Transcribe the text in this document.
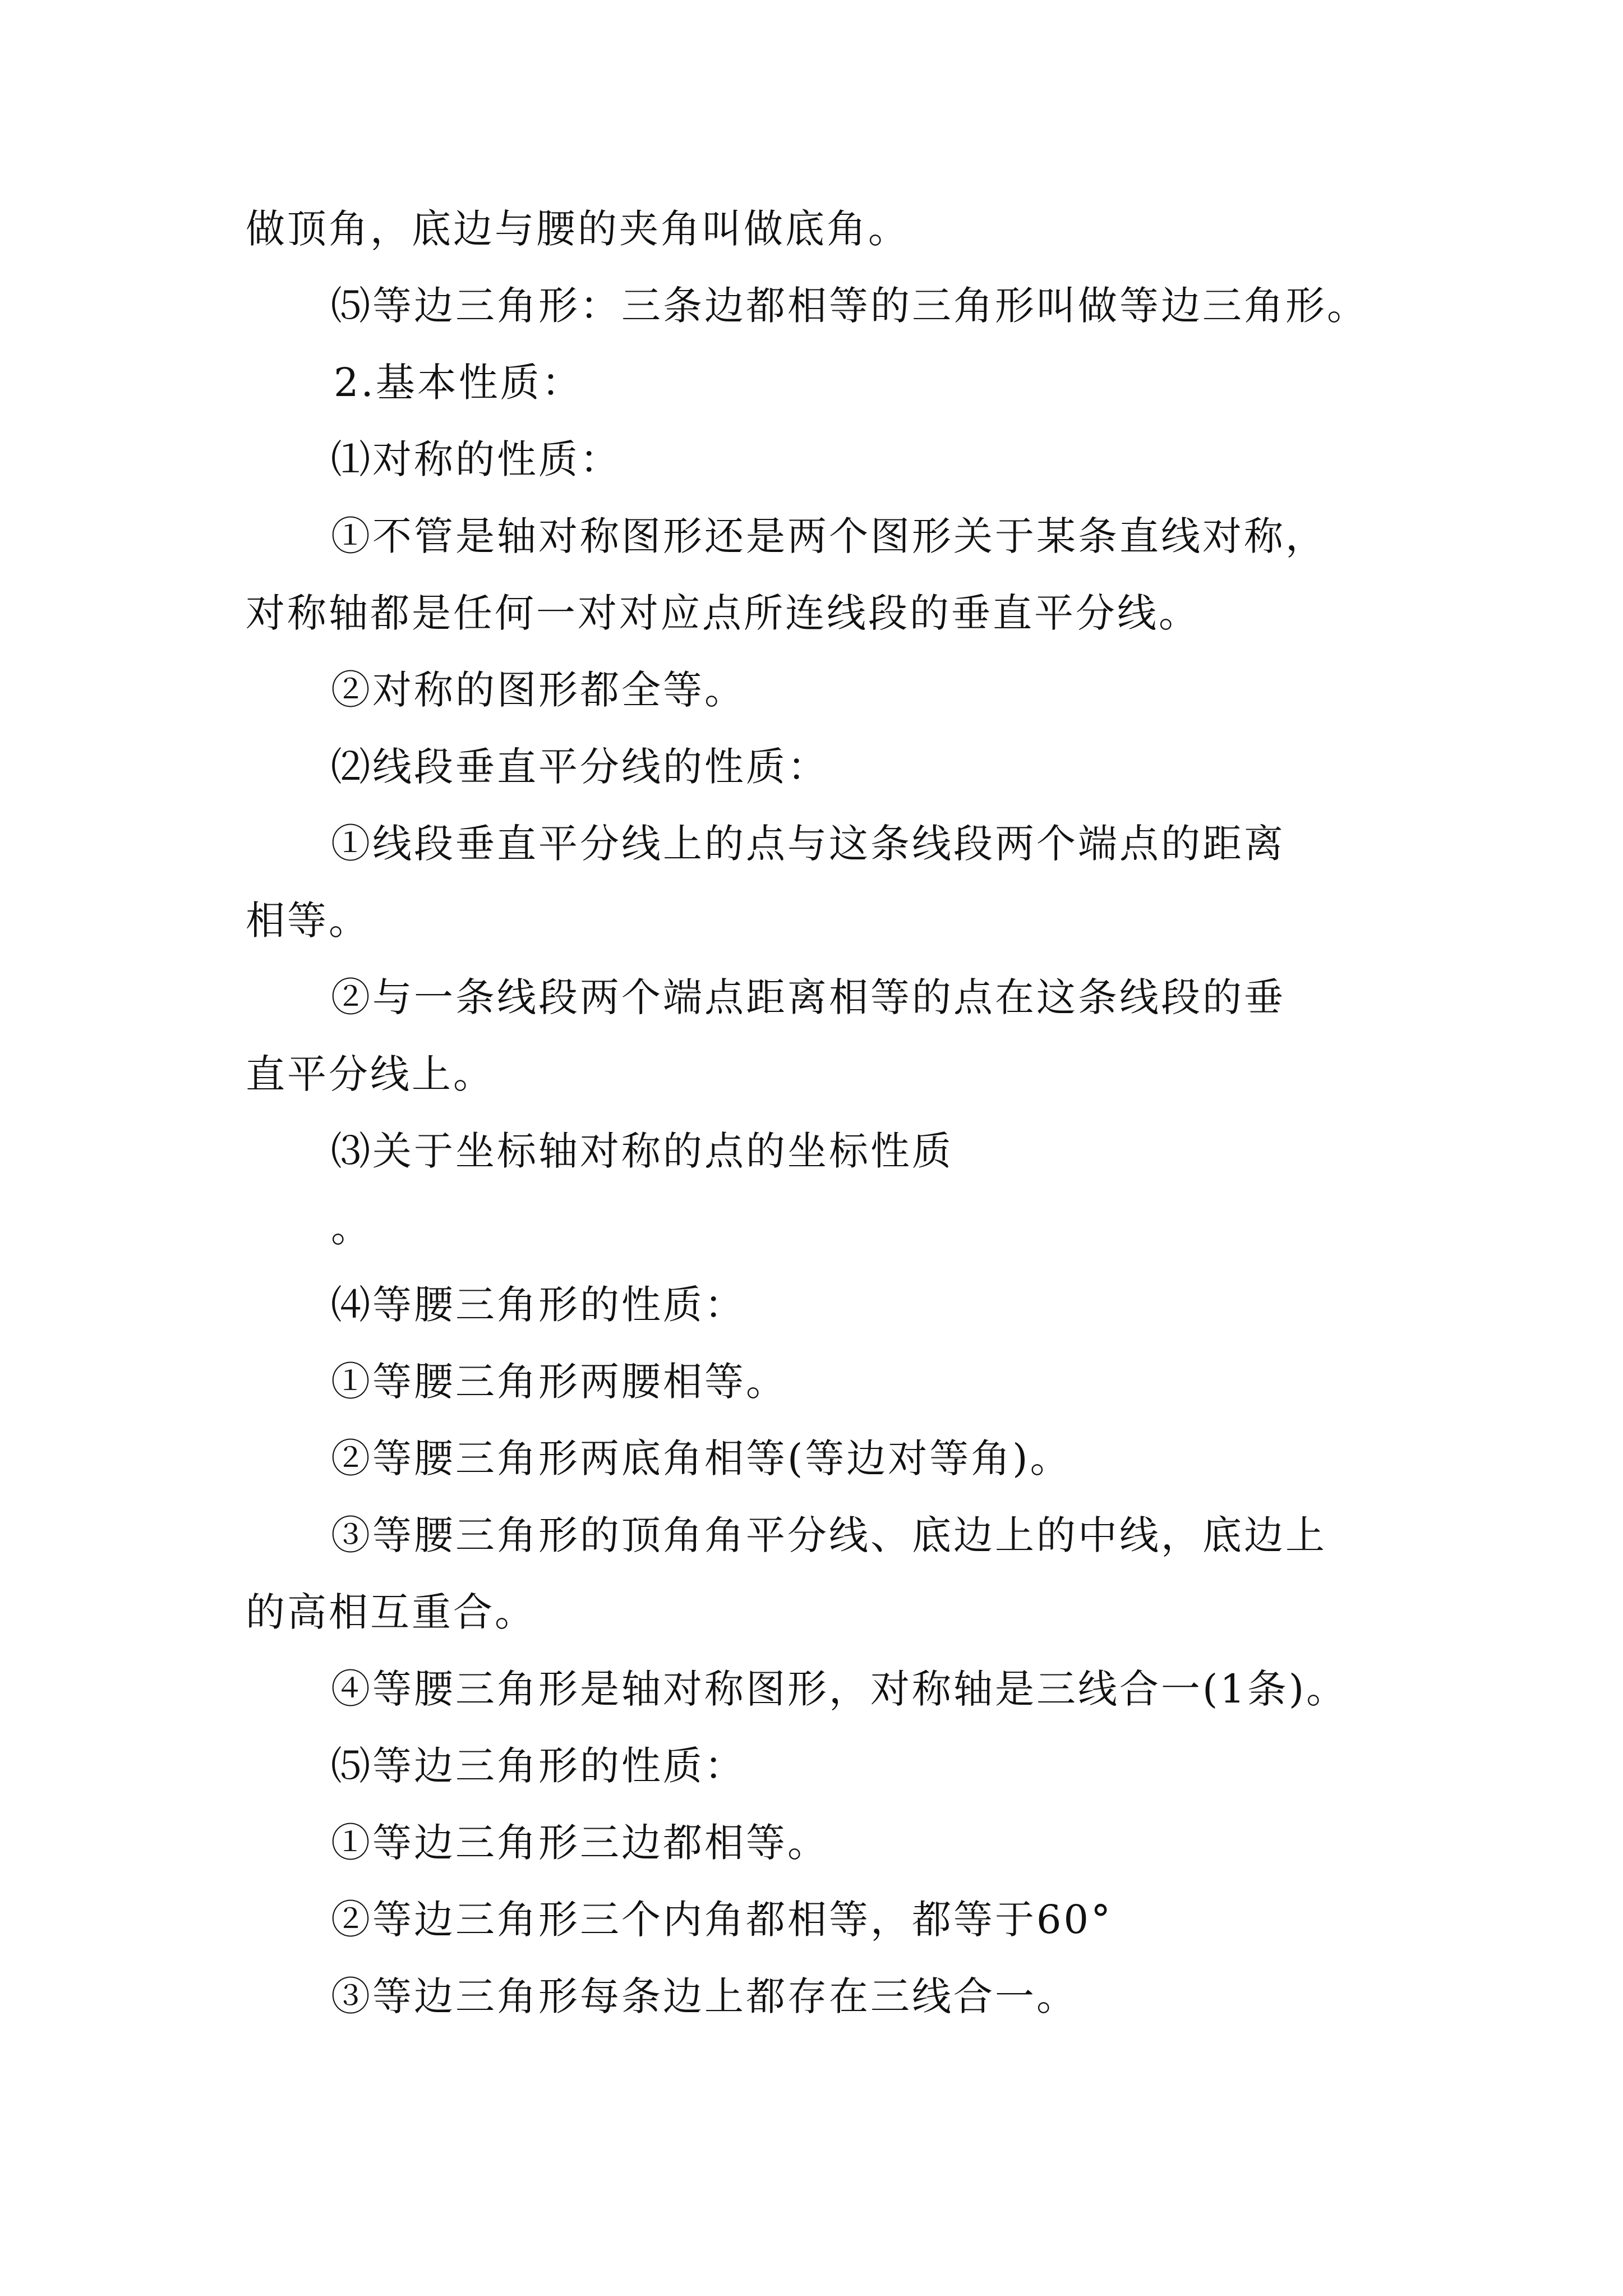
做顶角，底边与腰的夹角叫做底角。
⑸等边三角形：三条边都相等的三角形叫做等边三角形。
2.基本性质：
⑴对称的性质：
①不管是轴对称图形还是两个图形关于某条直线对称，
对称轴都是任何一对对应点所连线段的垂直平分线。
②对称的图形都全等。
⑵线段垂直平分线的性质：
①线段垂直平分线上的点与这条线段两个端点的距离
相等。
②与一条线段两个端点距离相等的点在这条线段的垂
直平分线上。
⑶关于坐标轴对称的点的坐标性质
。
⑷等腰三角形的性质：
①等腰三角形两腰相等。
②等腰三角形两底角相等(等边对等角)。
③等腰三角形的顶角角平分线、底边上的中线，底边上
的高相互重合。
④等腰三角形是轴对称图形，对称轴是三线合一(1条)。
⑸等边三角形的性质：
①等边三角形三边都相等。
②等边三角形三个内角都相等，都等于60°
③等边三角形每条边上都存在三线合一。
